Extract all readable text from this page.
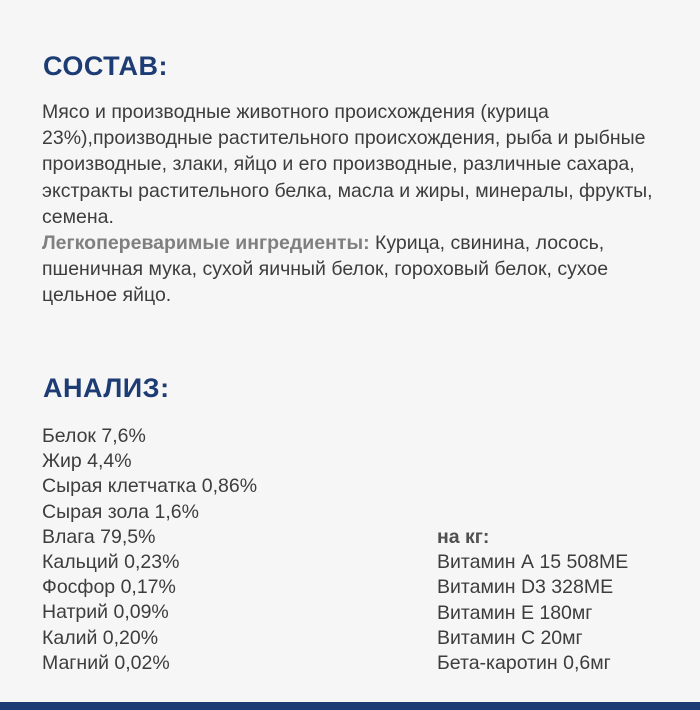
СОСТАВ:
Мясо и производные животного происхождения (курица 23%),производные растительного происхождения, рыба и рыбные производные, злаки, яйцо и его производные, различные сахара, экстракты растительного белка, масла и жиры, минералы, фрукты, семена.
Легкопереваримые ингредиенты: Курица, свинина, лосось, пшеничная мука, сухой яичный белок, гороховый белок, сухое цельное яйцо.
АНАЛИЗ:
Белок 7,6%
Жир 4,4%
Сырая клетчатка 0,86%
Сырая зола 1,6%
Влага 79,5%
Кальций 0,23%
Фосфор 0,17%
Натрий 0,09%
Калий 0,20%
Магний 0,02%
на кг:
Витамин А 15 508МЕ
Витамин D3 328МЕ
Витамин Е 180мг
Витамин С 20мг
Бета-каротин 0,6мг
